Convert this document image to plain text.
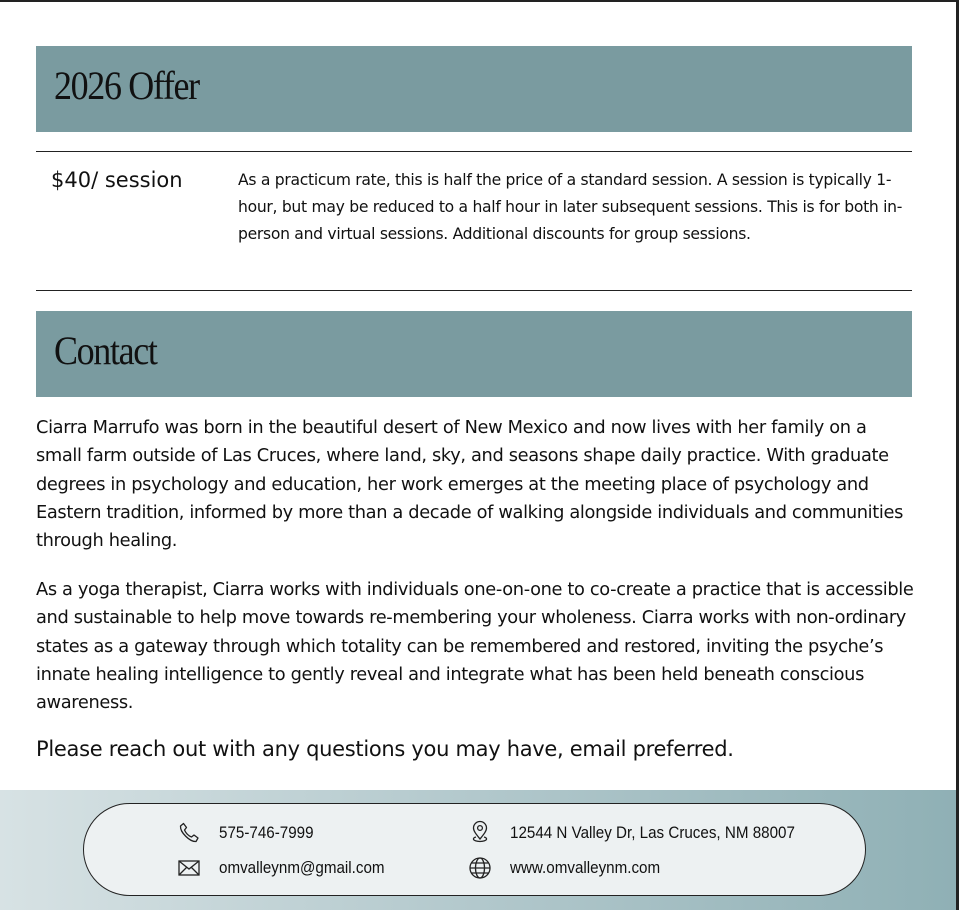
2026 Offer
$40/ session	As a practicum rate, this is half the price of a standard session. A session is typically 1-hour, but may be reduced to a half hour in later subsequent sessions. This is for both in-person and virtual sessions. Additional discounts for group sessions.

Contact

Ciarra Marrufo was born in the beautiful desert of New Mexico and now lives with her family on a small farm outside of Las Cruces, where land, sky, and seasons shape daily practice. With graduate degrees in psychology and education, her work emerges at the meeting place of psychology and Eastern tradition, informed by more than a decade of walking alongside individuals and communities through healing.

As a yoga therapist, Ciarra works with individuals one-on-one to co-create a practice that is accessible and sustainable to help move towards re-membering your wholeness. Ciarra works with non-ordinary states as a gateway through which totality can be remembered and restored, inviting the psyche’s innate healing intelligence to gently reveal and integrate what has been held beneath conscious awareness.

Please reach out with any questions you may have, email preferred.

575-746-7999	12544 N Valley Dr, Las Cruces, NM 88007
omvalleynm@gmail.com	www.omvalleynm.com
